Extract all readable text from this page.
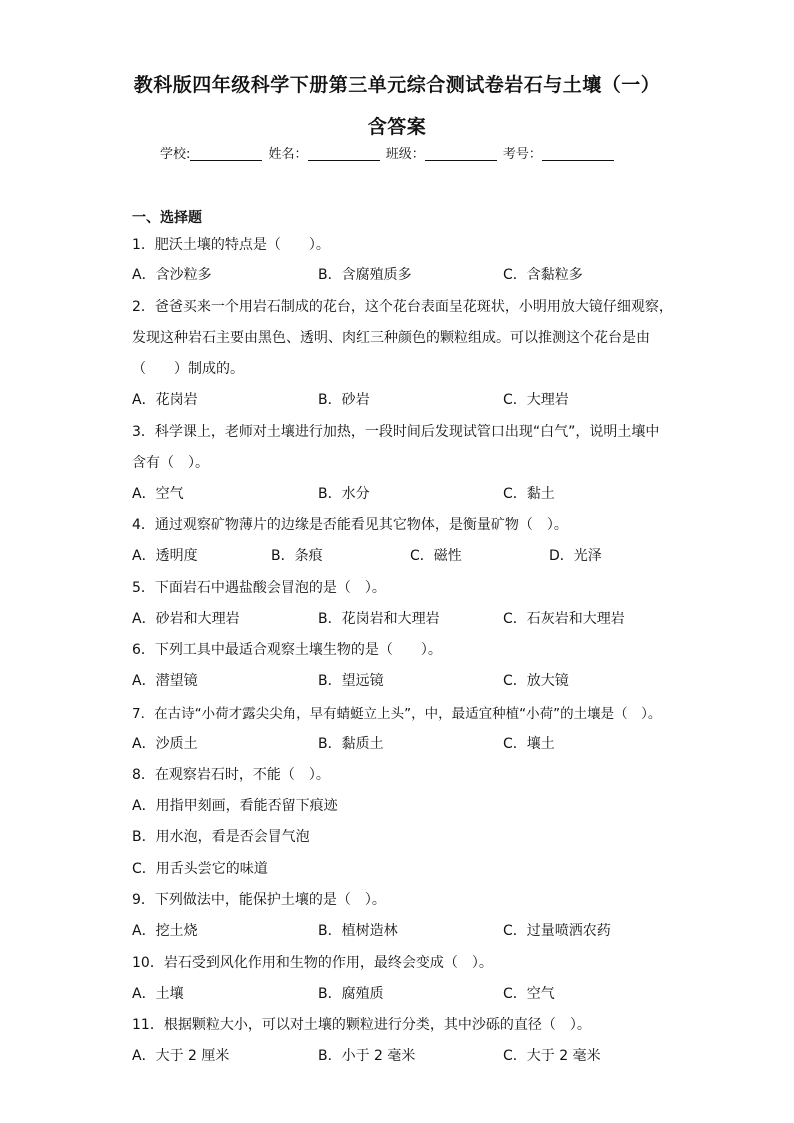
教科版四年级科学下册第三单元综合测试卷岩石与土壤（一）
含答案
学校:	姓名：	班级：	考号：
一、选择题
1．肥沃土壤的特点是（　　）。
A．含沙粒多	B．含腐殖质多	C．含黏粒多
2．爸爸买来一个用岩石制成的花台，这个花台表面呈花斑状，小明用放大镜仔细观察，
发现这种岩石主要由黑色、透明、肉红三种颜色的颗粒组成。可以推测这个花台是由
（　　）制成的。
A．花岗岩	B．砂岩	C．大理岩
3．科学课上，老师对土壤进行加热，一段时间后发现试管口出现“白气”，说明土壤中
含有（　）。
A．空气	B．水分	C．黏土
4．通过观察矿物薄片的边缘是否能看见其它物体，是衡量矿物（　）。
A．透明度	B．条痕	C．磁性	D．光泽
5．下面岩石中遇盐酸会冒泡的是（　）。
A．砂岩和大理岩	B．花岗岩和大理岩	C．石灰岩和大理岩
6．下列工具中最适合观察土壤生物的是（　　）。
A．潜望镜	B．望远镜	C．放大镜
7．在古诗“小荷才露尖尖角，早有蜻蜓立上头”，中，最适宜种植“小荷”的土壤是（　）。
A．沙质土	B．黏质土	C．壤土
8．在观察岩石时，不能（　）。
A．用指甲刻画，看能否留下痕迹
B．用水泡，看是否会冒气泡
C．用舌头尝它的味道
9．下列做法中，能保护土壤的是（　）。
A．挖土烧	B．植树造林	C．过量喷洒农药
10．岩石受到风化作用和生物的作用，最终会变成（　）。
A．土壤	B．腐殖质	C．空气
11．根据颗粒大小，可以对土壤的颗粒进行分类，其中沙砾的直径（　）。
A．大于 2 厘米	B．小于 2 毫米	C．大于 2 毫米
